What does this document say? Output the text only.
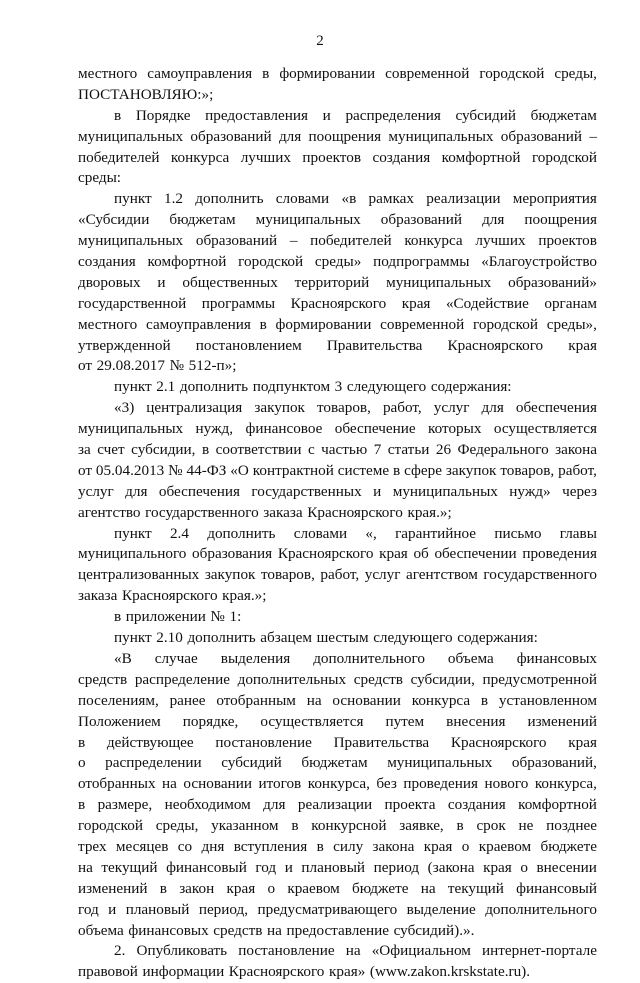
2
местного самоуправления в формировании современной городской среды,
ПОСТАНОВЛЯЮ:»;
в Порядке предоставления и распределения субсидий бюджетам
муниципальных образований для поощрения муниципальных образований –
победителей конкурса лучших проектов создания комфортной городской
среды:
пункт 1.2 дополнить словами «в рамках реализации мероприятия
«Субсидии бюджетам муниципальных образований для поощрения
муниципальных образований – победителей конкурса лучших проектов
создания комфортной городской среды» подпрограммы «Благоустройство
дворовых и общественных территорий муниципальных образований»
государственной программы Красноярского края «Содействие органам
местного самоуправления в формировании современной городской среды»,
утвержденной постановлением Правительства Красноярского края
от 29.08.2017 № 512-п»;
пункт 2.1 дополнить подпунктом 3 следующего содержания:
«3) централизация закупок товаров, работ, услуг для обеспечения
муниципальных нужд, финансовое обеспечение которых осуществляется
за счет субсидии, в соответствии с частью 7 статьи 26 Федерального закона
от 05.04.2013 № 44-ФЗ «О контрактной системе в сфере закупок товаров, работ,
услуг для обеспечения государственных и муниципальных нужд» через
агентство государственного заказа Красноярского края.»;
пункт 2.4 дополнить словами «, гарантийное письмо главы
муниципального образования Красноярского края об обеспечении проведения
централизованных закупок товаров, работ, услуг агентством государственного
заказа Красноярского края.»;
в приложении № 1:
пункт 2.10 дополнить абзацем шестым следующего содержания:
«В случае выделения дополнительного объема финансовых
средств распределение дополнительных средств субсидии, предусмотренной
поселениям, ранее отобранным на основании конкурса в установленном
Положением порядке, осуществляется путем внесения изменений
в действующее постановление Правительства Красноярского края
о распределении субсидий бюджетам муниципальных образований,
отобранных на основании итогов конкурса, без проведения нового конкурса,
в размере, необходимом для реализации проекта создания комфортной
городской среды, указанном в конкурсной заявке, в срок не позднее
трех месяцев со дня вступления в силу закона края о краевом бюджете
на текущий финансовый год и плановый период (закона края о внесении
изменений в закон края о краевом бюджете на текущий финансовый
год и плановый период, предусматривающего выделение дополнительного
объема финансовых средств на предоставление субсидий).».
2. Опубликовать постановление на «Официальном интернет-портале
правовой информации Красноярского края» (www.zakon.krskstate.ru).
